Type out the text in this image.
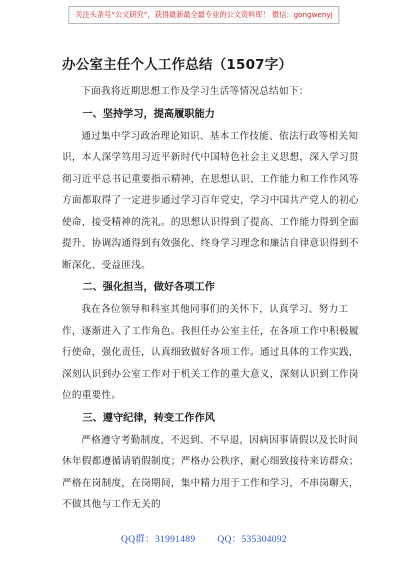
关注头条号“公文研究”，获得最新最全最专业的公文资料库！ 微信：gongwenyj
办公室主任个人工作总结（1507字）

下面我将近期思想工作及学习生活等情况总结如下：

一、坚持学习，提高履职能力

通过集中学习政治理论知识、基本工作技能、依法行政等相关知识，本人深学笃用习近平新时代中国特色社会主义思想，深入学习贯彻习近平总书记重要指示精神，在思想认识、工作能力和工作作风等方面都取得了一定进步通过学习百年党史，学习中国共产党人的初心使命，接受精神的洗礼。的思想认识得到了提高、工作能力得到全面提升、协调沟通得到有效强化、终身学习理念和廉洁自律意识得到不断深化、受益匪浅。

二、强化担当，做好各项工作

我在各位领导和科室其他同事们的关怀下，认真学习、努力工作，逐渐进入了工作角色。我担任办公室主任，在各项工作中积极履行使命，强化责任，认真细致做好各项工作。通过具体的工作实践，深刻认识到办公室工作对于机关工作的重大意义，深刻认识到工作岗位的重要性。

三、遵守纪律，转变工作作风

严格遵守考勤制度，不迟到、不早退，因病因事请假以及长时间休年假都遵循请销假制度；严格办公秩序，耐心细致接待来访群众；严格在岗制度，在岗期间，集中精力用于工作和学习，不串岗聊天，不做其他与工作无关的

QQ群：31991489 QQ：535304092
